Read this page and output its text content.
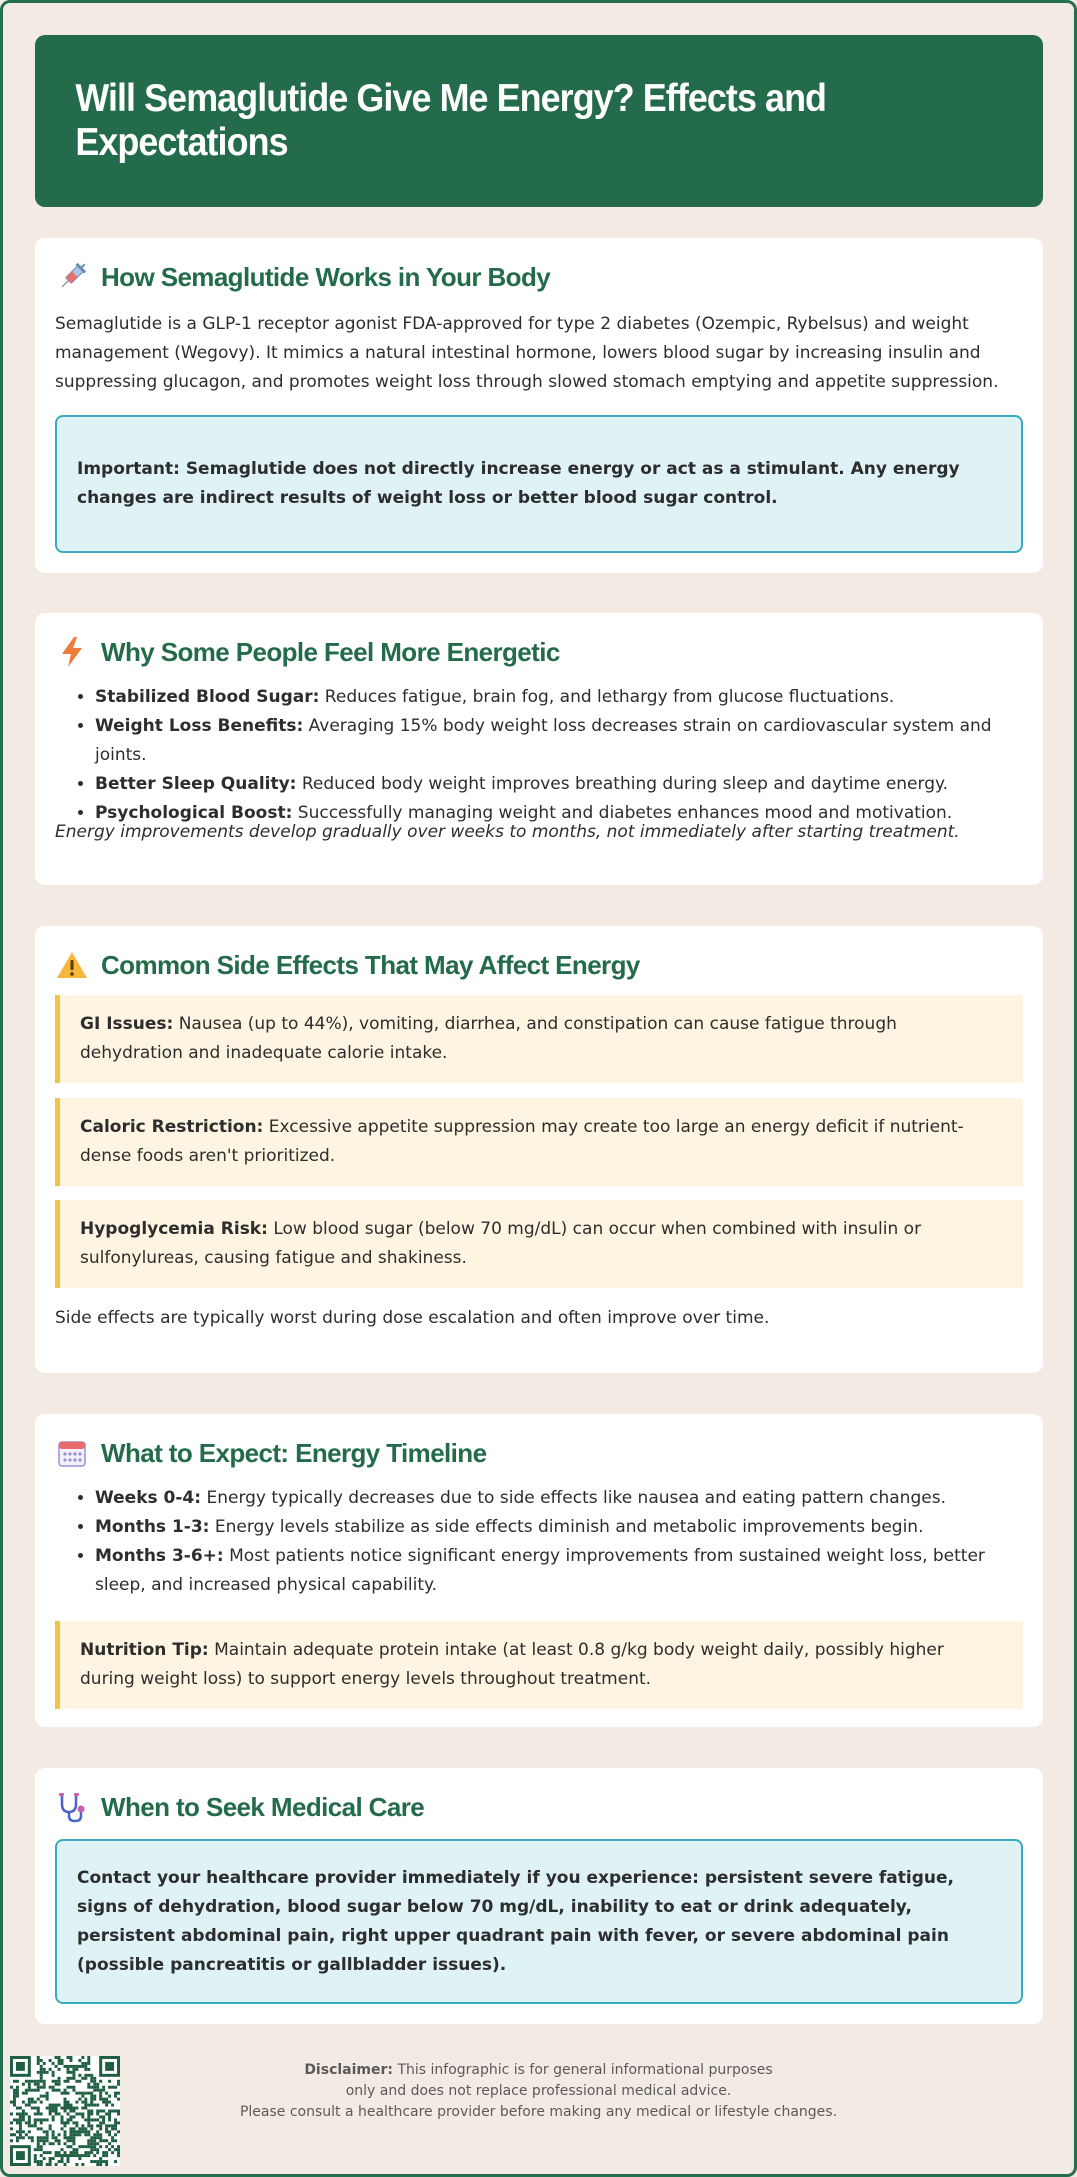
Will Semaglutide Give Me Energy? Effects and Expectations
How Semaglutide Works in Your Body

Semaglutide is a GLP-1 receptor agonist FDA-approved for type 2 diabetes (Ozempic, Rybelsus) and weight management (Wegovy). It mimics a natural intestinal hormone, lowers blood sugar by increasing insulin and suppressing glucagon, and promotes weight loss through slowed stomach emptying and appetite suppression.

Important: Semaglutide does not directly increase energy or act as a stimulant. Any energy changes are indirect results of weight loss or better blood sugar control.

Why Some People Feel More Energetic
• Stabilized Blood Sugar: Reduces fatigue, brain fog, and lethargy from glucose fluctuations.
• Weight Loss Benefits: Averaging 15% body weight loss decreases strain on cardiovascular system and joints.
• Better Sleep Quality: Reduced body weight improves breathing during sleep and daytime energy.
• Psychological Boost: Successfully managing weight and diabetes enhances mood and motivation.

Energy improvements develop gradually over weeks to months, not immediately after starting treatment.

Common Side Effects That May Affect Energy

GI Issues: Nausea (up to 44%), vomiting, diarrhea, and constipation can cause fatigue through dehydration and inadequate calorie intake.

Caloric Restriction: Excessive appetite suppression may create too large an energy deficit if nutrient-dense foods aren't prioritized.

Hypoglycemia Risk: Low blood sugar (below 70 mg/dL) can occur when combined with insulin or sulfonylureas, causing fatigue and shakiness.

Side effects are typically worst during dose escalation and often improve over time.

What to Expect: Energy Timeline
• Weeks 0-4: Energy typically decreases due to side effects like nausea and eating pattern changes.
• Months 1-3: Energy levels stabilize as side effects diminish and metabolic improvements begin.
• Months 3-6+: Most patients notice significant energy improvements from sustained weight loss, better sleep, and increased physical capability.

Nutrition Tip: Maintain adequate protein intake (at least 0.8 g/kg body weight daily, possibly higher during weight loss) to support energy levels throughout treatment.

When to Seek Medical Care

Contact your healthcare provider immediately if you experience: persistent severe fatigue, signs of dehydration, blood sugar below 70 mg/dL, inability to eat or drink adequately, persistent abdominal pain, right upper quadrant pain with fever, or severe abdominal pain (possible pancreatitis or gallbladder issues).

Disclaimer: This infographic is for general informational purposes
only and does not replace professional medical advice.
Please consult a healthcare provider before making any medical or lifestyle changes.
